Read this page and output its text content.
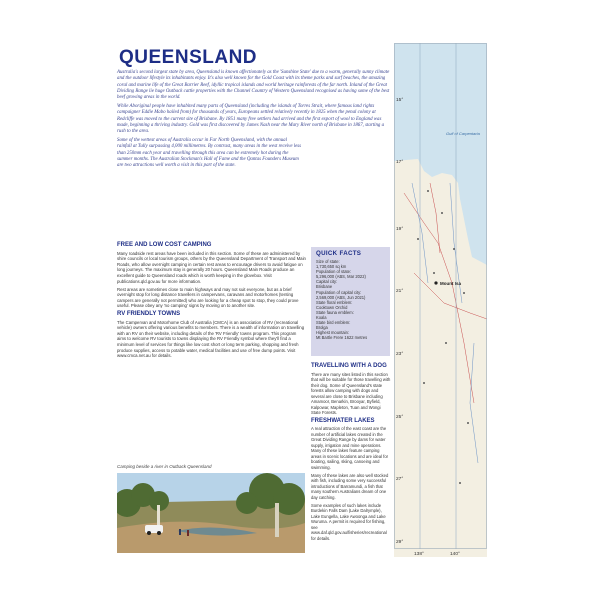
QUEENSLAND

Australia's second largest state by area, Queensland is known affectionately as the 'Sunshine State' due to a warm, generally sunny climate and the outdoor lifestyle its inhabitants enjoy. It's also well known for the Gold Coast with its theme parks and surf beaches, the amazing coral and marine life of the Great Barrier Reef, idyllic tropical islands and world heritage rainforests of the far north. Inland of the Great Dividing Range lie huge Outback cattle properties with the Channel Country of Western Queensland recognised as having some of the best beef growing areas in the world.

While Aboriginal people have inhabited many parts of Queensland (including the islands of Torres Strait, where famous land rights campaigner Eddie Mabo hailed from) for thousands of years, Europeans settled relatively recently in 1825 when the penal colony at Redcliffe was moved to the current site of Brisbane. By 1851 many free settlers had arrived and the first export of wool to England was made, beginning a thriving industry. Gold was first discovered by James Nash near the Mary River north of Brisbane in 1867, starting a rush to the area.

Some of the wettest areas of Australia occur in Far North Queensland, with the annual rainfall at Tully surpassing 4,000 millimetres. By contrast, many areas in the west receive less than 250mm each year and travelling through this area can be extremely hot during the summer months. The Australian Stockman's Hall of Fame and the Qantas Founders Museum are two attractions well worth a visit in this part of the state.

FREE AND LOW COST CAMPING

Many roadside rest areas have been included in this section. Some of these are administered by shire councils or local tourism groups, others by the Queensland Department of Transport and Main Roads, who allow overnight camping in certain rest areas to encourage drivers to avoid fatigue on long journeys. The maximum stay is generally 20 hours. Queensland Main Roads produce an excellent guide to Queensland roads which is worth keeping in the glovebox. Visit publications.qld.gov.au for more information.

Rest areas are sometimes close to main highways and may not suit everyone, but as a brief overnight stop for long distance travellers in campervans, caravans and motorhomes (tenting campers are generally not permitted) who are looking for a cheap spot to stop, they could prove useful. Please obey any 'no camping' signs by moving on to another site.

RV FRIENDLY TOWNS

The Campervan and Motorhome Club of Australia (CMCA) is an association of RV (recreational vehicle) owners offering various benefits to members. There is a wealth of information on travelling with an RV on their website, including details of the 'RV Friendly' towns program. This program aims to welcome RV tourists to towns displaying the RV Friendly symbol where they'll find a minimum level of services for things like low cost short or long term parking, shopping and fresh produce supplies, access to potable water, medical facilities and use of free dump points. Visit www.cmca.net.au for details.

Camping beside a river in Outback Queensland
QUICK FACTS
Size of state:
1,730,650 sq km
Population of state:
5,296,000 (ABS, Mar 2022)
Capital city:
Brisbane
Population of capital city:
2,569,000 (ABS, Jun 2021)
State floral emblem:
Cooktown Orchid
State fauna emblem:
Koala
State bird emblem:
Brolga
Highest mountain:
Mt Bartle Frere 1622 metres
TRAVELLING WITH A DOG

There are many sites listed in this section that will be suitable for those travelling with their dog. Some of Queensland's state forests allow camping with dogs and several are close to Brisbane including Amamoor, Benarkin, Brooyar, Byfield, Kalpowar, Mapleton, Tuan and Wongi State Forests.

FRESHWATER LAKES

A real attraction of the east coast are the number of artificial lakes created in the Great Dividing Range by dams for water supply, irrigation and mine operations. Many of these lakes feature camping areas in scenic locations and are ideal for boating, sailing, skiing, canoeing and swimming.

Many of these lakes are also well stocked with fish, including some very successful introductions of Barramundi, a fish that many southern Australians dream of one day catching.

Some examples of such lakes include Burdekin Falls Dam (Lake Dalrymple), Lake Eungella, Lake Awoonga and Lake Wuruma. A permit is required for fishing, see www.daf.qld.gov.au/fisheries/recreational for details.

Mount Isa
Gulf of Carpentaria
15°
17°
19°
21°
23°
25°
27°
29°
138°	140°
